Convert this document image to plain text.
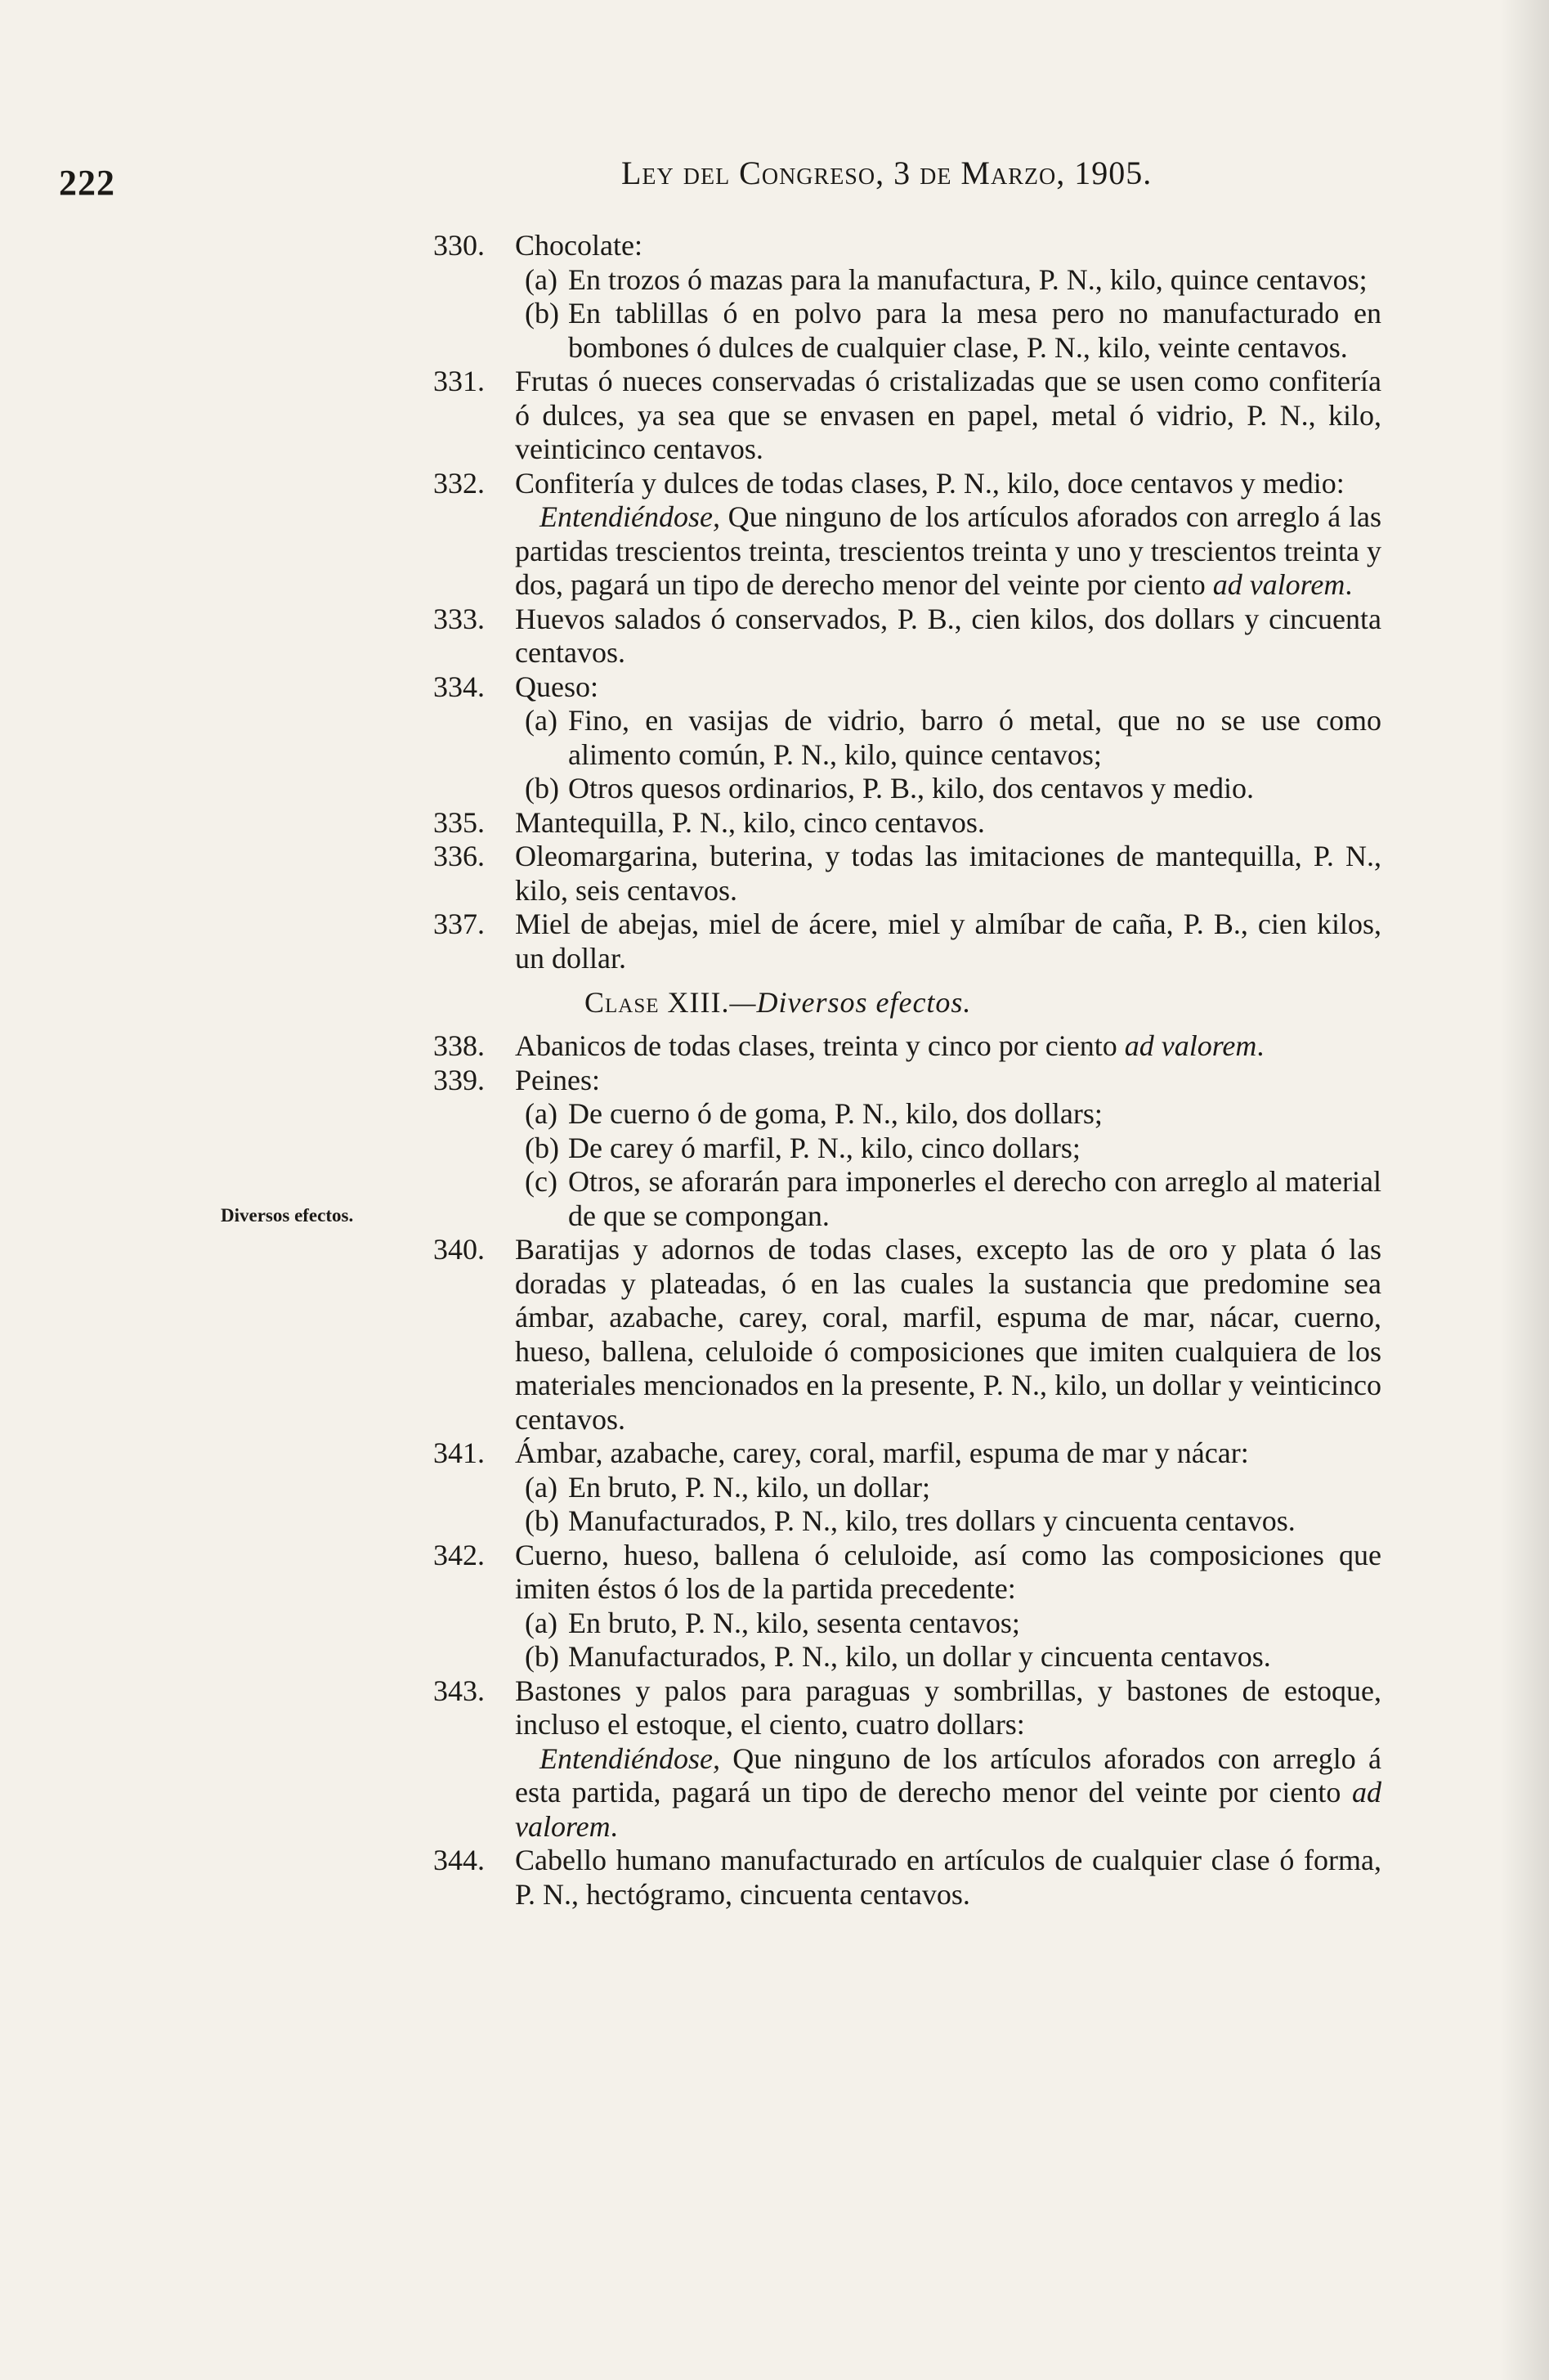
222	Ley del Congreso, 3 de Marzo, 1905.
Diversos efectos.
330. Chocolate:
(a) En trozos ó mazas para la manufactura, P. N., kilo, quince centavos;
(b) En tablillas ó en polvo para la mesa pero no manufacturado en bombones ó dulces de cualquier clase, P. N., kilo, veinte centavos.
331. Frutas ó nueces conservadas ó cristalizadas que se usen como confitería ó dulces, ya sea que se envasen en papel, metal ó vidrio, P. N., kilo, veinticinco centavos.
332. Confitería y dulces de todas clases, P. N., kilo, doce centavos y medio:
Entendiéndose, Que ninguno de los artículos aforados con arreglo á las partidas trescientos treinta, trescientos treinta y uno y trescientos treinta y dos, pagará un tipo de derecho menor del veinte por ciento ad valorem.
333. Huevos salados ó conservados, P. B., cien kilos, dos dollars y cincuenta centavos.
334. Queso:
(a) Fino, en vasijas de vidrio, barro ó metal, que no se use como alimento común, P. N., kilo, quince centavos;
(b) Otros quesos ordinarios, P. B., kilo, dos centavos y medio.
335. Mantequilla, P. N., kilo, cinco centavos.
336. Oleomargarina, buterina, y todas las imitaciones de mantequilla, P. N., kilo, seis centavos.
337. Miel de abejas, miel de ácere, miel y almíbar de caña, P. B., cien kilos, un dollar.
Clase XIII.—Diversos efectos.
338. Abanicos de todas clases, treinta y cinco por ciento ad valorem.
339. Peines:
(a) De cuerno ó de goma, P. N., kilo, dos dollars;
(b) De carey ó marfil, P. N., kilo, cinco dollars;
(c) Otros, se aforarán para imponerles el derecho con arreglo al material de que se compongan.
340. Baratijas y adornos de todas clases, excepto las de oro y plata ó las doradas y plateadas, ó en las cuales la sustancia que predomine sea ámbar, azabache, carey, coral, marfil, espuma de mar, nácar, cuerno, hueso, ballena, celuloide ó composiciones que imiten cualquiera de los materiales mencionados en la presente, P. N., kilo, un dollar y veinticinco centavos.
341. Ámbar, azabache, carey, coral, marfil, espuma de mar y nácar:
(a) En bruto, P. N., kilo, un dollar;
(b) Manufacturados, P. N., kilo, tres dollars y cincuenta centavos.
342. Cuerno, hueso, ballena ó celuloide, así como las composiciones que imiten éstos ó los de la partida precedente:
(a) En bruto, P. N., kilo, sesenta centavos;
(b) Manufacturados, P. N., kilo, un dollar y cincuenta centavos.
343. Bastones y palos para paraguas y sombrillas, y bastones de estoque, incluso el estoque, el ciento, cuatro dollars:
Entendiéndose, Que ninguno de los artículos aforados con arreglo á esta partida, pagará un tipo de derecho menor del veinte por ciento ad valorem.
344. Cabello humano manufacturado en artículos de cualquier clase ó forma, P. N., hectógramo, cincuenta centavos.
